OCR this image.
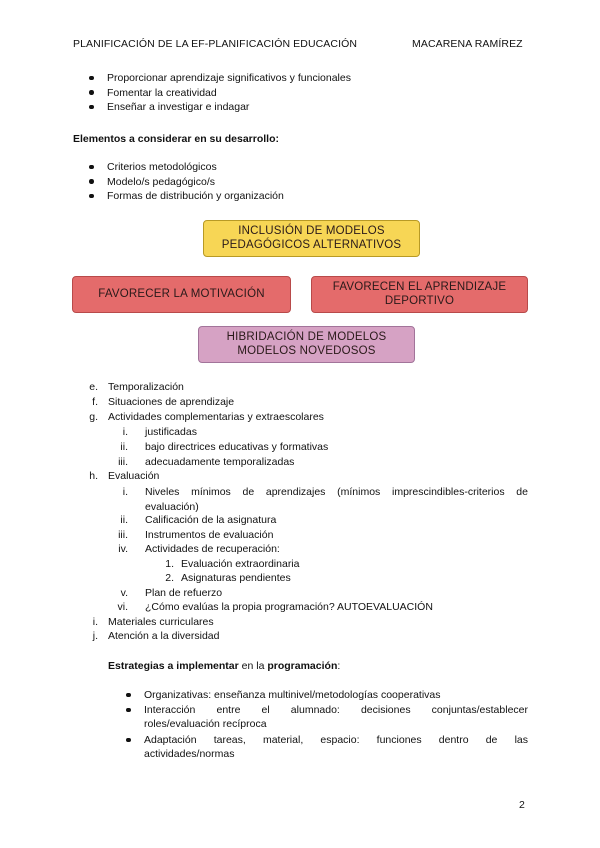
PLANIFICACIÓN DE LA EF-PLANIFICACIÓN EDUCACIÓN	MACARENA RAMÍREZ
Proporcionar aprendizaje significativos y funcionales
Fomentar la creatividad
Enseñar a investigar e indagar
Elementos a considerar en su desarrollo:
Criterios metodológicos
Modelo/s pedagógico/s
Formas de distribución y organización
INCLUSIÓN DE MODELOS
PEDAGÓGICOS ALTERNATIVOS
FAVORECER LA MOTIVACIÓN
FAVORECEN EL APRENDIZAJE
DEPORTIVO
HIBRIDACIÓN DE MODELOS
MODELOS NOVEDOSOS
e. Temporalización
f. Situaciones de aprendizaje
g. Actividades complementarias y extraescolares
i. justificadas
ii. bajo directrices educativas y formativas
iii. adecuadamente temporalizadas
h. Evaluación
i. Niveles mínimos de aprendizajes (mínimos imprescindibles-criterios de
evaluación)
ii. Calificación de la asignatura
iii. Instrumentos de evaluación
iv. Actividades de recuperación:
1. Evaluación extraordinaria
2. Asignaturas pendientes
v. Plan de refuerzo
vi. ¿Cómo evalúas la propia programación? AUTOEVALUACIÓN
i. Materiales curriculares
j. Atención a la diversidad
Estrategias a implementar en la programación:
Organizativas: enseñanza multinivel/metodologías cooperativas
Interacción entre el alumnado: decisiones conjuntas/establecer
roles/evaluación recíproca
Adaptación tareas, material, espacio: funciones dentro de las
actividades/normas
2
